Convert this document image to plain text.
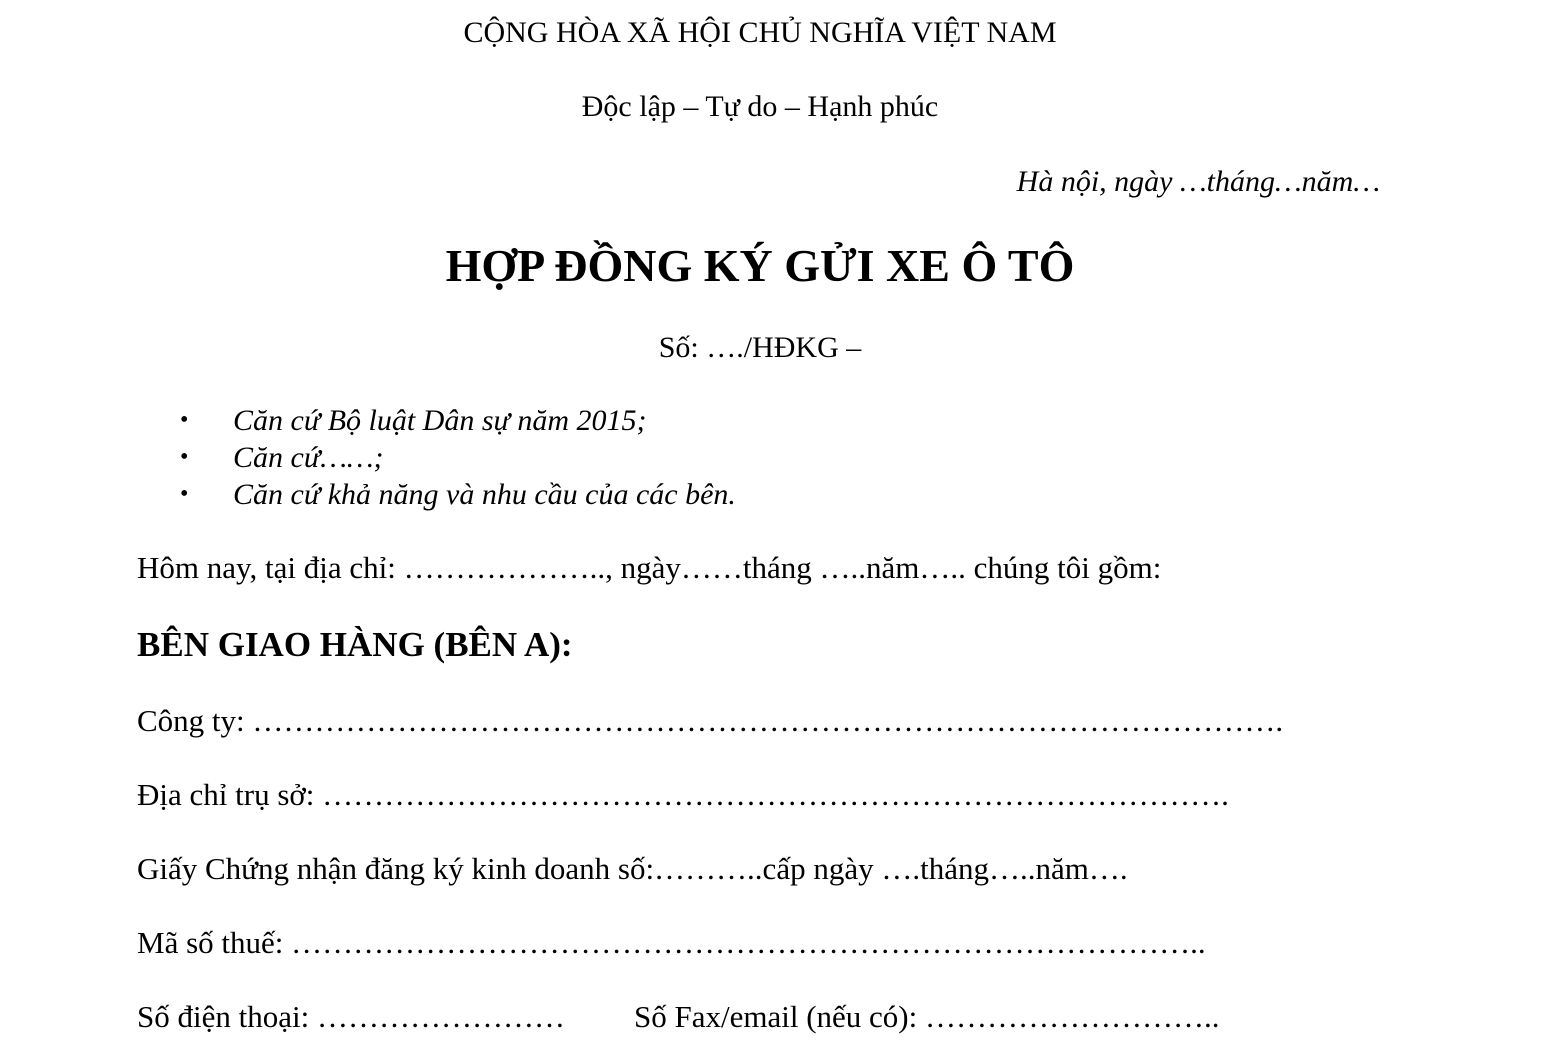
CỘNG HÒA XÃ HỘI CHỦ NGHĨA VIỆT NAM
Độc lập – Tự do – Hạnh phúc
Hà nội, ngày …tháng…năm…
HỢP ĐỒNG KÝ GỬI XE Ô TÔ
Số: …./HĐKG –
• Căn cứ Bộ luật Dân sự năm 2015;
• Căn cứ……;
• Căn cứ khả năng và nhu cầu của các bên.
Hôm nay, tại địa chỉ: ……………….., ngày……tháng …..năm….. chúng tôi gồm:
BÊN GIAO HÀNG (BÊN A):
Công ty: ……………………………………………………………………………………….
Địa chỉ trụ sở: …………………………………………………………………………….
Giấy Chứng nhận đăng ký kinh doanh số:………..cấp ngày ….tháng…..năm….
Mã số thuế: ……………………………………………………………………………..
Số điện thoại: …………………… Số Fax/email (nếu có): ………………………..
